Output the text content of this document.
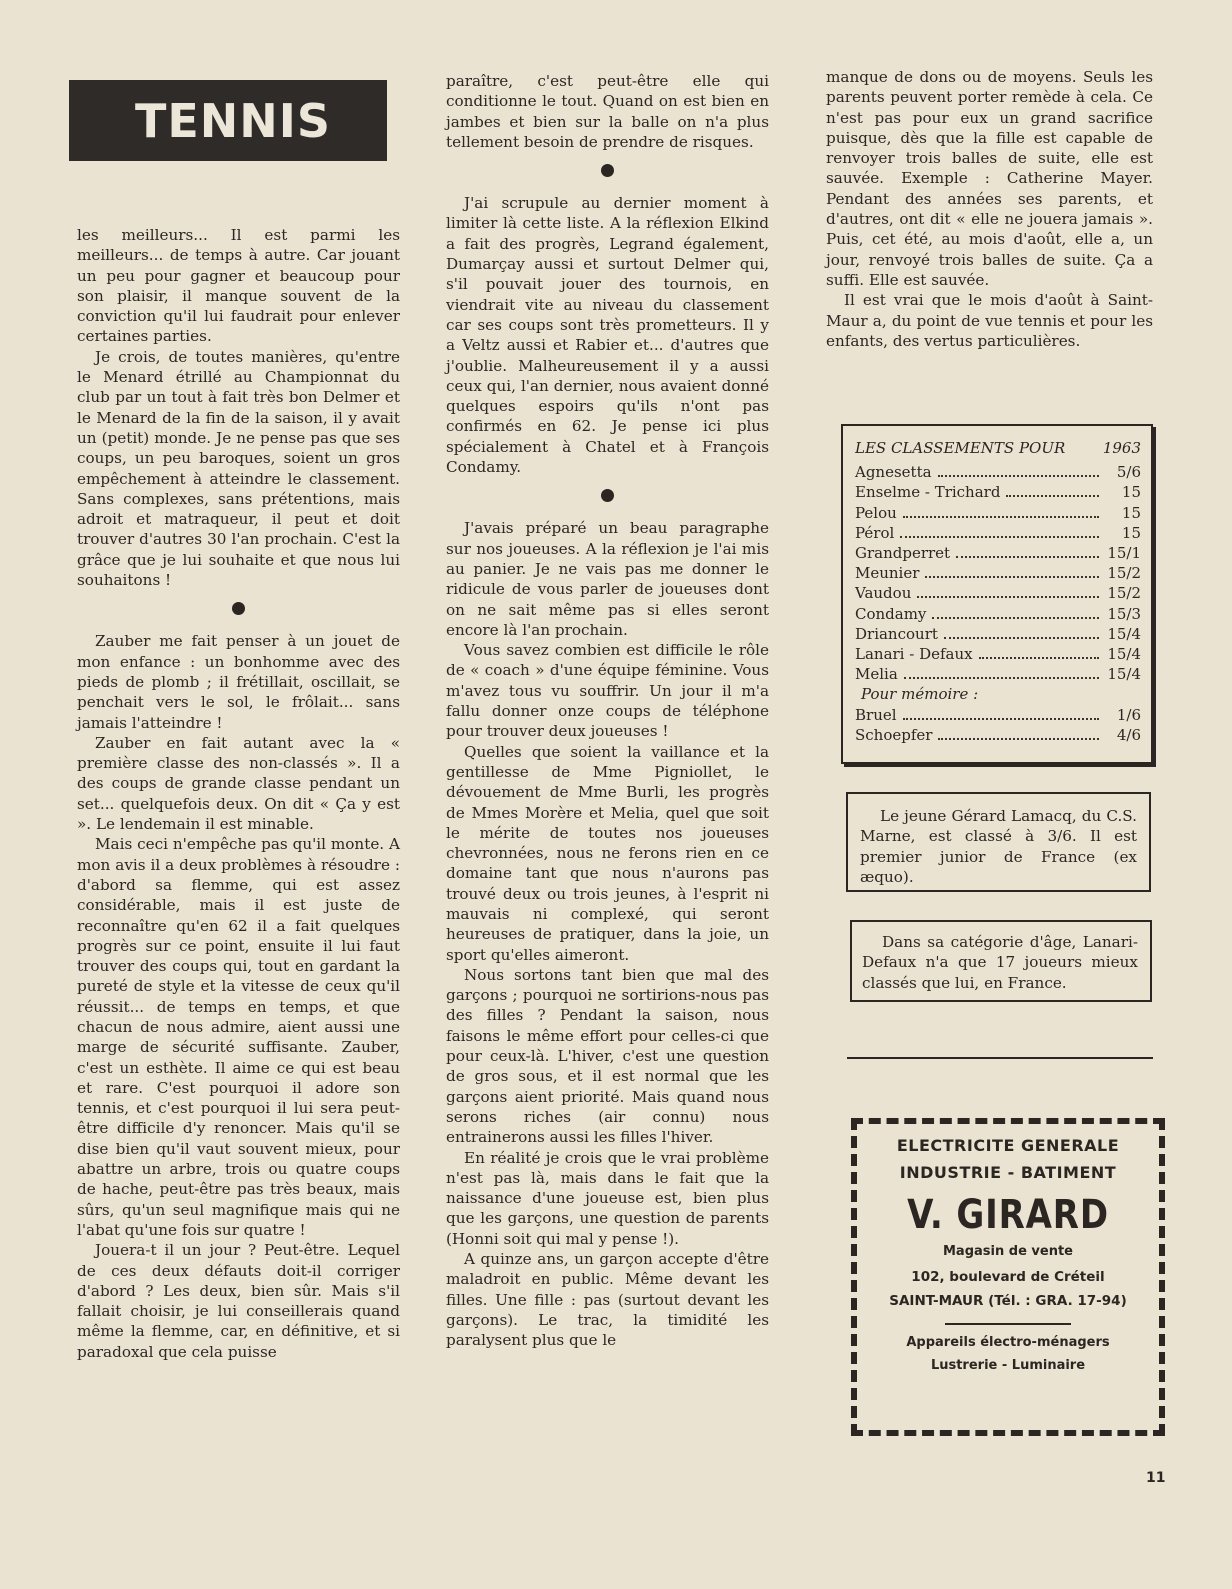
TENNIS

les meilleurs... Il est parmi les meilleurs... de temps à autre. Car jouant un peu pour gagner et beaucoup pour son plaisir, il manque souvent de la conviction qu'il lui faudrait pour enlever certaines parties.

Je crois, de toutes manières, qu'entre le Menard étrillé au Championnat du club par un tout à fait très bon Delmer et le Menard de la fin de la saison, il y avait un (petit) monde. Je ne pense pas que ses coups, un peu baroques, soient un gros empêchement à atteindre le classement. Sans complexes, sans prétentions, mais adroit et matraqueur, il peut et doit trouver d'autres 30 l'an prochain. C'est la grâce que je lui souhaite et que nous lui souhaitons !

Zauber me fait penser à un jouet de mon enfance : un bonhomme avec des pieds de plomb ; il frétillait, oscillait, se penchait vers le sol, le frôlait... sans jamais l'atteindre !

Zauber en fait autant avec la « première classe des non-classés ». Il a des coups de grande classe pendant un set... quelquefois deux. On dit « Ça y est ». Le lendemain il est minable.

Mais ceci n'empêche pas qu'il monte. A mon avis il a deux problèmes à résoudre : d'abord sa flemme, qui est assez considérable, mais il est juste de reconnaître qu'en 62 il a fait quelques progrès sur ce point, ensuite il lui faut trouver des coups qui, tout en gardant la pureté de style et la vitesse de ceux qu'il réussit... de temps en temps, et que chacun de nous admire, aient aussi une marge de sécurité suffisante. Zauber, c'est un esthète. Il aime ce qui est beau et rare. C'est pourquoi il adore son tennis, et c'est pourquoi il lui sera peut-être difficile d'y renoncer. Mais qu'il se dise bien qu'il vaut souvent mieux, pour abattre un arbre, trois ou quatre coups de hache, peut-être pas très beaux, mais sûrs, qu'un seul magnifique mais qui ne l'abat qu'une fois sur quatre !

Jouera-t il un jour ? Peut-être. Lequel de ces deux défauts doit-il corriger d'abord ? Les deux, bien sûr. Mais s'il fallait choisir, je lui conseillerais quand même la flemme, car, en définitive, et si paradoxal que cela puisse

paraître, c'est peut-être elle qui conditionne le tout. Quand on est bien en jambes et bien sur la balle on n'a plus tellement besoin de prendre de risques.

J'ai scrupule au dernier moment à limiter là cette liste. A la réflexion Elkind a fait des progrès, Legrand également, Dumarçay aussi et surtout Delmer qui, s'il pouvait jouer des tournois, en viendrait vite au niveau du classement car ses coups sont très prometteurs. Il y a Veltz aussi et Rabier et... d'autres que j'oublie. Malheureusement il y a aussi ceux qui, l'an dernier, nous avaient donné quelques espoirs qu'ils n'ont pas confirmés en 62. Je pense ici plus spécialement à Chatel et à François Condamy.

J'avais préparé un beau paragraphe sur nos joueuses. A la réflexion je l'ai mis au panier. Je ne vais pas me donner le ridicule de vous parler de joueuses dont on ne sait même pas si elles seront encore là l'an prochain.

Vous savez combien est difficile le rôle de « coach » d'une équipe féminine. Vous m'avez tous vu souffrir. Un jour il m'a fallu donner onze coups de téléphone pour trouver deux joueuses !

Quelles que soient la vaillance et la gentillesse de Mme Pigniollet, le dévouement de Mme Burli, les progrès de Mmes Morère et Melia, quel que soit le mérite de toutes nos joueuses chevronnées, nous ne ferons rien en ce domaine tant que nous n'aurons pas trouvé deux ou trois jeunes, à l'esprit ni mauvais ni complexé, qui seront heureuses de pratiquer, dans la joie, un sport qu'elles aimeront.

Nous sortons tant bien que mal des garçons ; pourquoi ne sortirions-nous pas des filles ? Pendant la saison, nous faisons le même effort pour celles-ci que pour ceux-là. L'hiver, c'est une question de gros sous, et il est normal que les garçons aient priorité. Mais quand nous serons riches (air connu) nous entrainerons aussi les filles l'hiver.

En réalité je crois que le vrai problème n'est pas là, mais dans le fait que la naissance d'une joueuse est, bien plus que les garçons, une question de parents (Honni soit qui mal y pense !).

A quinze ans, un garçon accepte d'être maladroit en public. Même devant les filles. Une fille : pas (surtout devant les garçons). Le trac, la timidité les paralysent plus que le

manque de dons ou de moyens. Seuls les parents peuvent porter remède à cela. Ce n'est pas pour eux un grand sacrifice puisque, dès que la fille est capable de renvoyer trois balles de suite, elle est sauvée. Exemple : Catherine Mayer. Pendant des années ses parents, et d'autres, ont dit « elle ne jouera jamais ». Puis, cet été, au mois d'août, elle a, un jour, renvoyé trois balles de suite. Ça a suffi. Elle est sauvée.

Il est vrai que le mois d'août à Saint-Maur a, du point de vue tennis et pour les enfants, des vertus particulières.

LES CLASSEMENTS POUR	1963
Agnesetta	5/6
Enselme - Trichard	15
Pelou	15
Pérol	15
Grandperret	15/1
Meunier	15/2
Vaudou	15/2
Condamy	15/3
Driancourt	15/4
Lanari - Defaux	15/4
Melia	15/4
Pour mémoire :
Bruel	1/6
Schoepfer	4/6
Le jeune Gérard Lamacq, du C.S. Marne, est classé à 3/6. Il est premier junior de France (ex æquo).
Dans sa catégorie d'âge, Lanari-Defaux n'a que 17 joueurs mieux classés que lui, en France.
ELECTRICITE GENERALE
INDUSTRIE - BATIMENT
V. GIRARD
Magasin de vente
102, boulevard de Créteil
SAINT-MAUR (Tél. : GRA. 17-94)
Appareils électro-ménagers
Lustrerie - Luminaire
11
